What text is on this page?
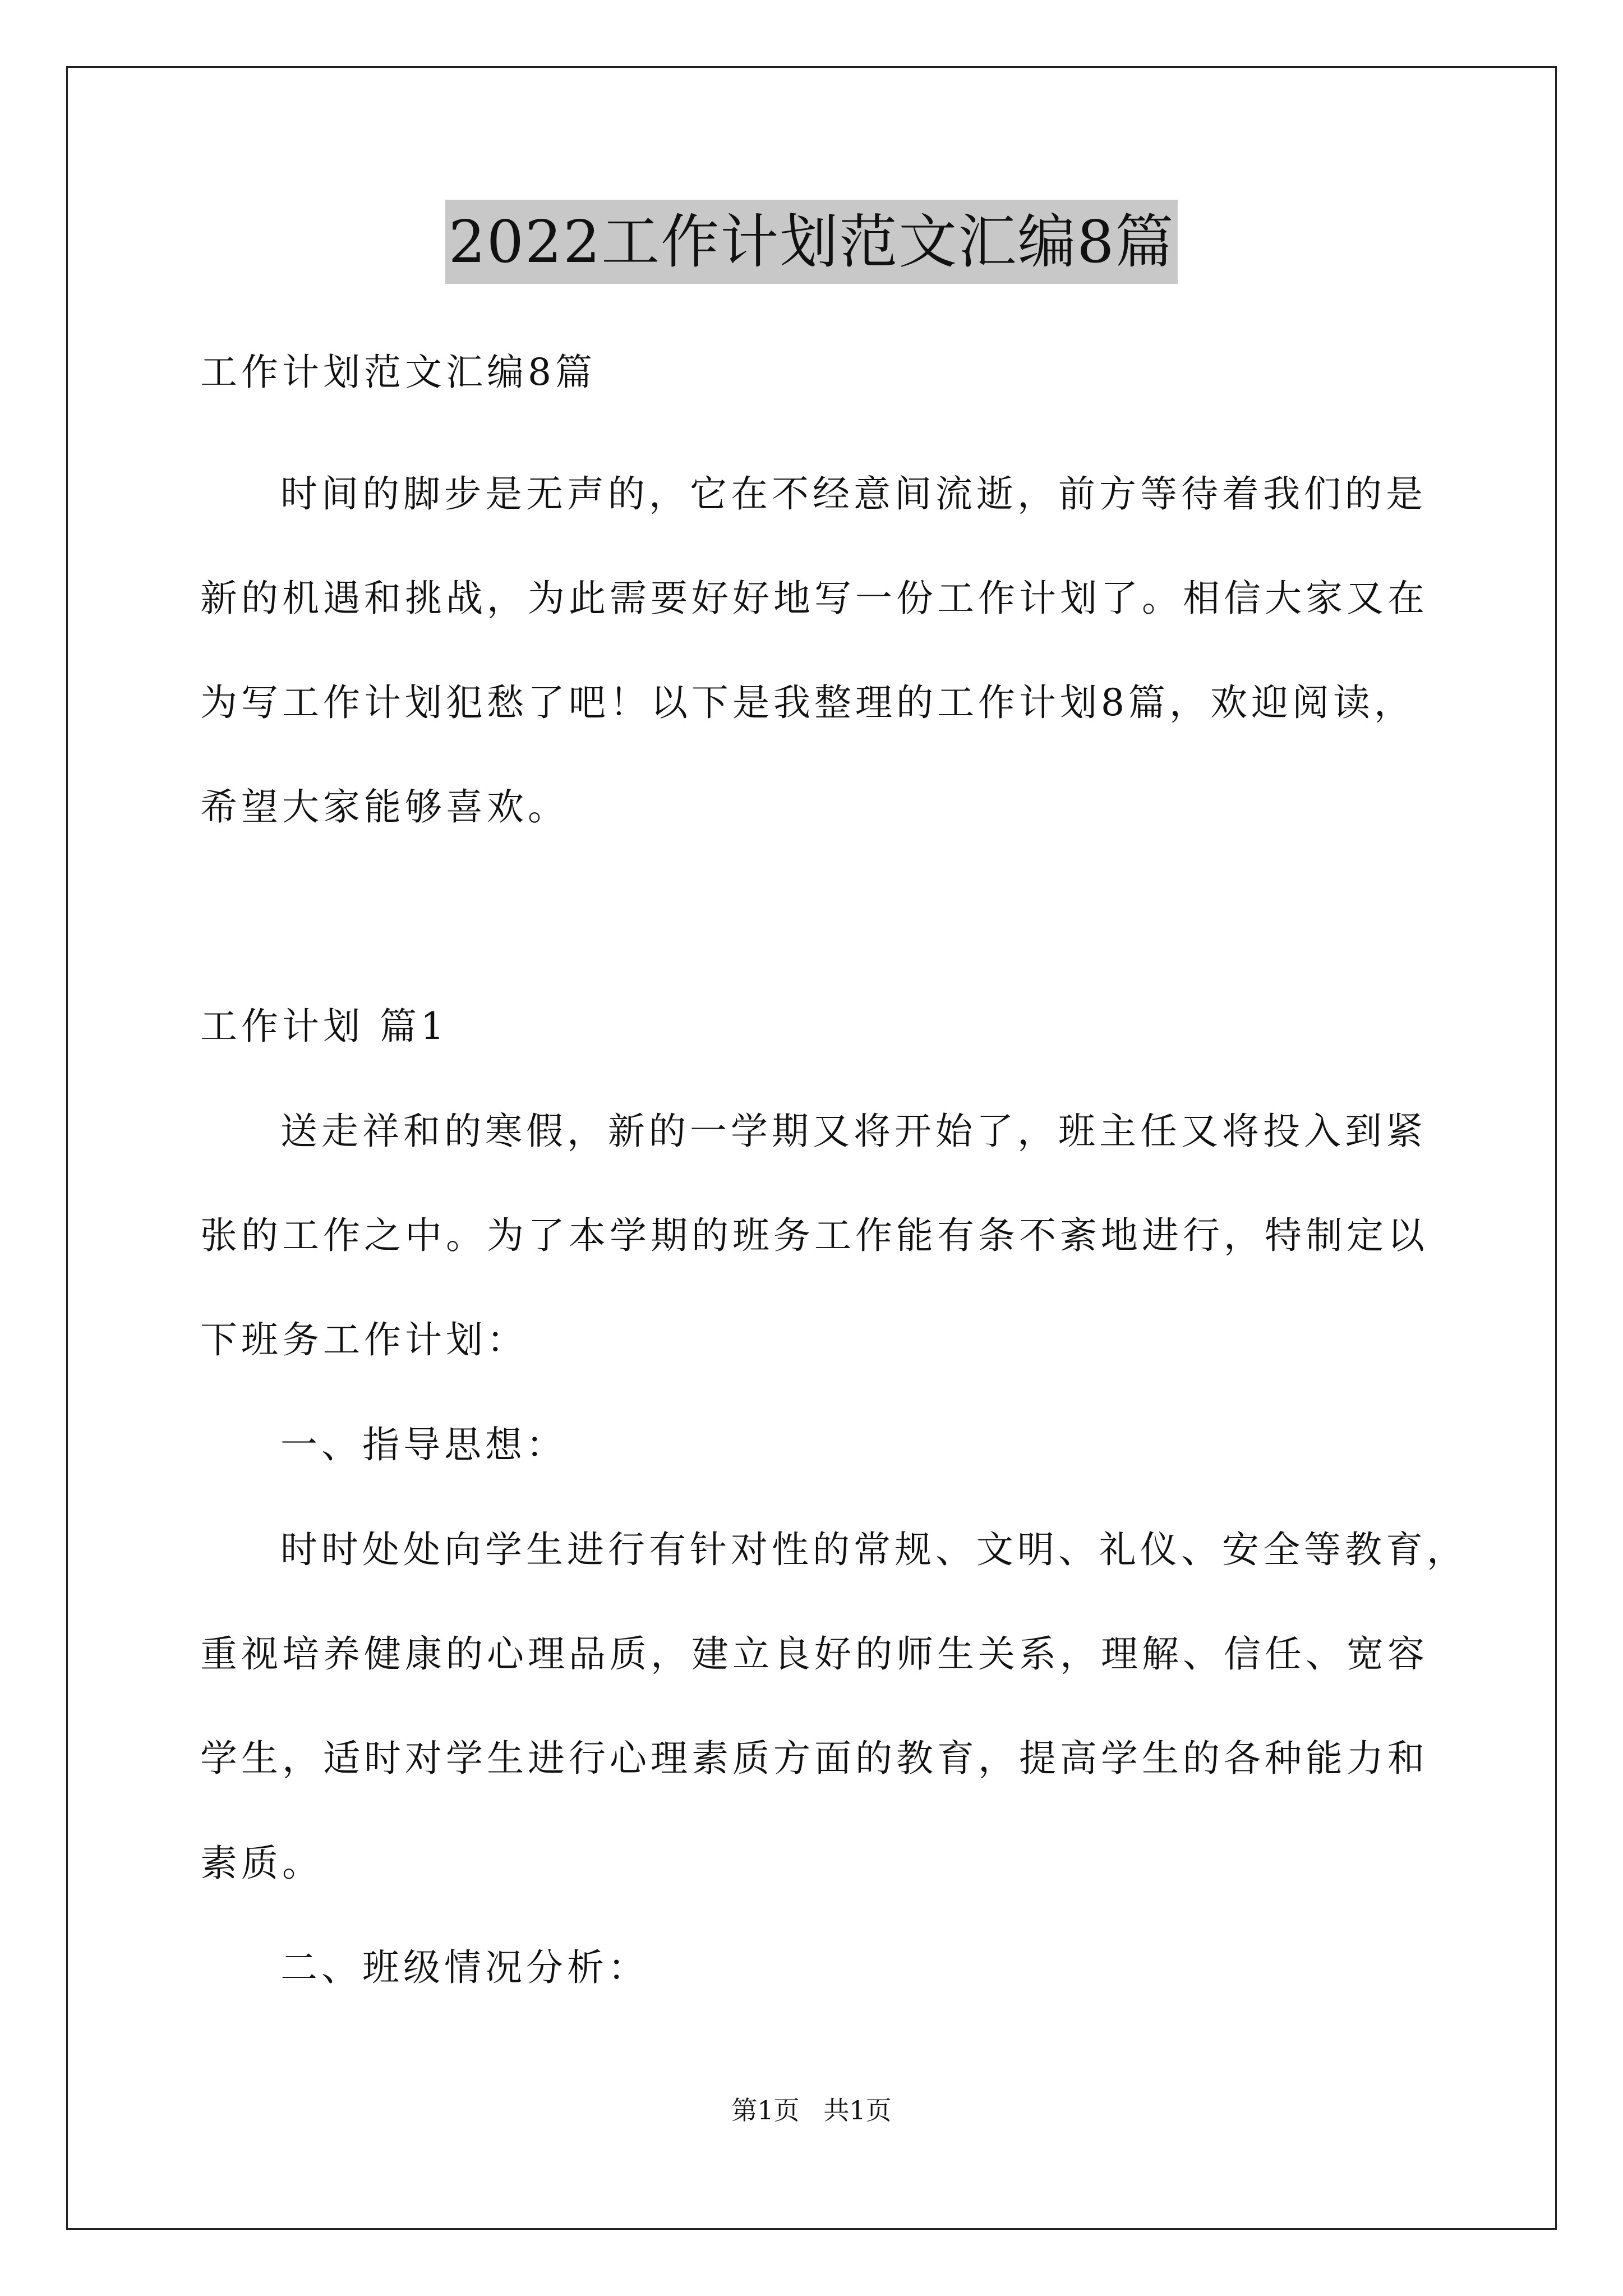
2022工作计划范文汇编8篇

工作计划范文汇编8篇

时间的脚步是无声的，它在不经意间流逝，前方等待着我们的是

新的机遇和挑战，为此需要好好地写一份工作计划了。相信大家又在

为写工作计划犯愁了吧！以下是我整理的工作计划8篇，欢迎阅读，

希望大家能够喜欢。

工作计划 篇1

送走祥和的寒假，新的一学期又将开始了，班主任又将投入到紧

张的工作之中。为了本学期的班务工作能有条不紊地进行，特制定以

下班务工作计划：

一、指导思想：

时时处处向学生进行有针对性的常规、文明、礼仪、安全等教育，

重视培养健康的心理品质，建立良好的师生关系，理解、信任、宽容

学生，适时对学生进行心理素质方面的教育，提高学生的各种能力和

素质。

二、班级情况分析：

第1页 共1页
